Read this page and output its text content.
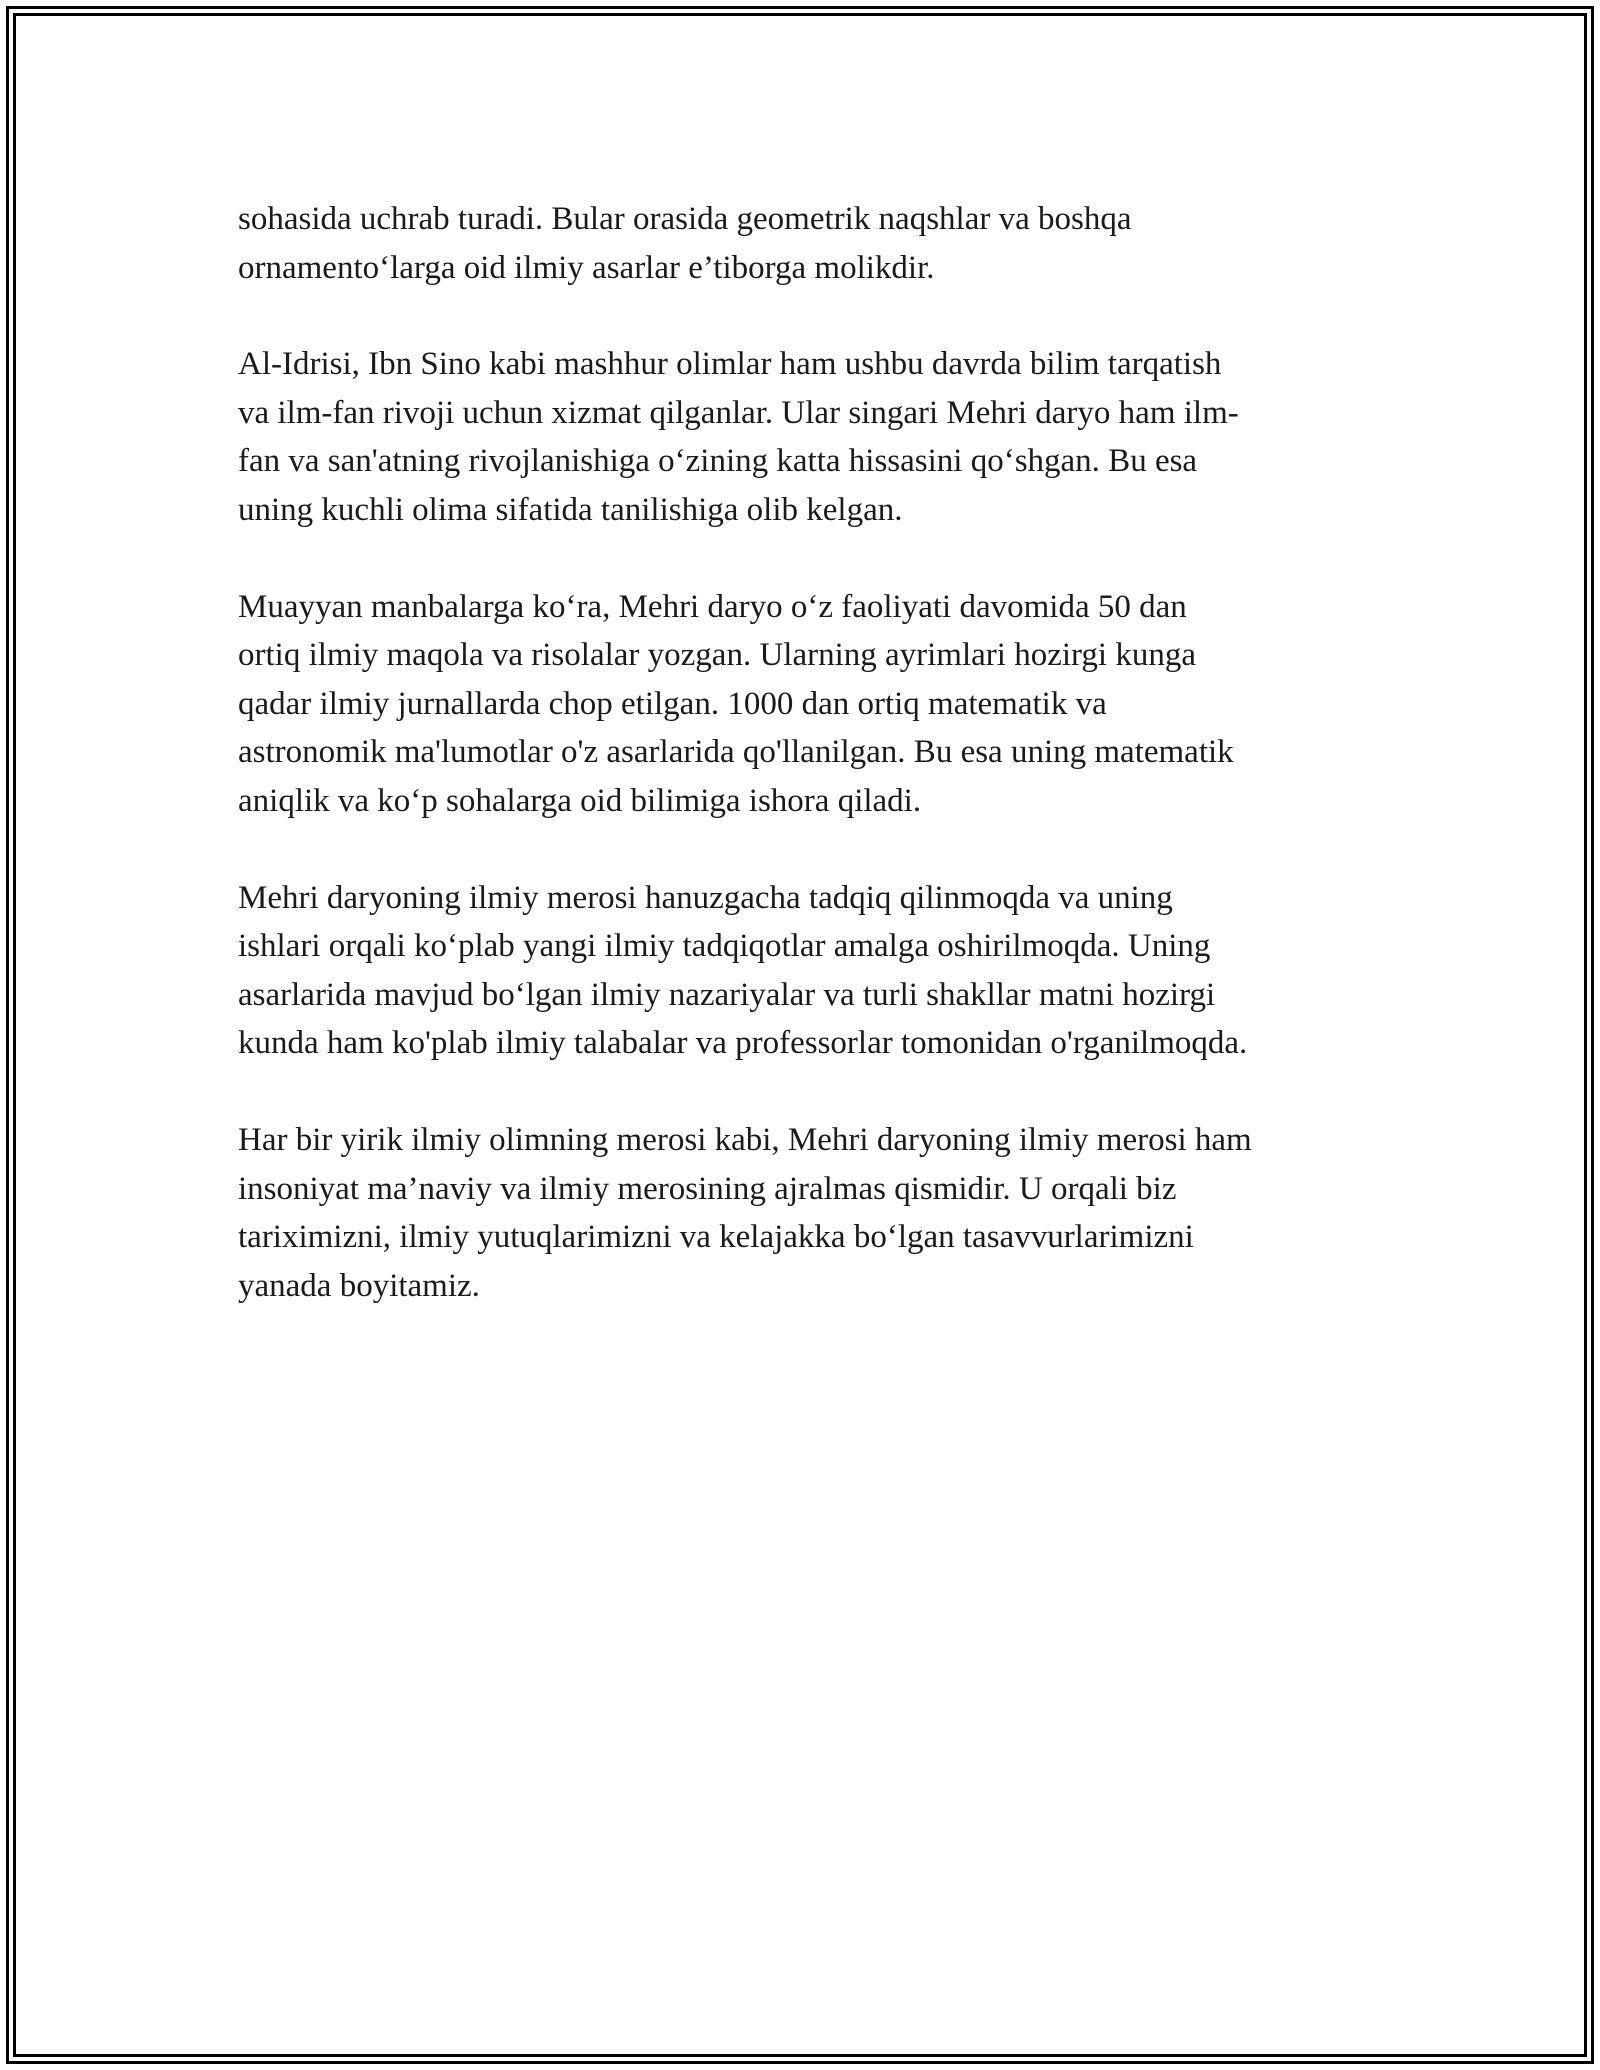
sohasida uchrab turadi. Bular orasida geometrik naqshlar va boshqa
ornamento‘larga oid ilmiy asarlar e’tiborga molikdir.

Al-Idrisi, Ibn Sino kabi mashhur olimlar ham ushbu davrda bilim tarqatish
va ilm-fan rivoji uchun xizmat qilganlar. Ular singari Mehri daryo ham ilm-
fan va san'atning rivojlanishiga o‘zining katta hissasini qo‘shgan. Bu esa
uning kuchli olima sifatida tanilishiga olib kelgan.

Muayyan manbalarga ko‘ra, Mehri daryo o‘z faoliyati davomida 50 dan
ortiq ilmiy maqola va risolalar yozgan. Ularning ayrimlari hozirgi kunga
qadar ilmiy jurnallarda chop etilgan. 1000 dan ortiq matematik va
astronomik ma'lumotlar o'z asarlarida qo'llanilgan. Bu esa uning matematik
aniqlik va ko‘p sohalarga oid bilimiga ishora qiladi.

Mehri daryoning ilmiy merosi hanuzgacha tadqiq qilinmoqda va uning
ishlari orqali ko‘plab yangi ilmiy tadqiqotlar amalga oshirilmoqda. Uning
asarlarida mavjud bo‘lgan ilmiy nazariyalar va turli shakllar matni hozirgi
kunda ham ko'plab ilmiy talabalar va professorlar tomonidan o'rganilmoqda.

Har bir yirik ilmiy olimning merosi kabi, Mehri daryoning ilmiy merosi ham
insoniyat ma’naviy va ilmiy merosining ajralmas qismidir. U orqali biz
tariximizni, ilmiy yutuqlarimizni va kelajakka bo‘lgan tasavvurlarimizni
yanada boyitamiz.
